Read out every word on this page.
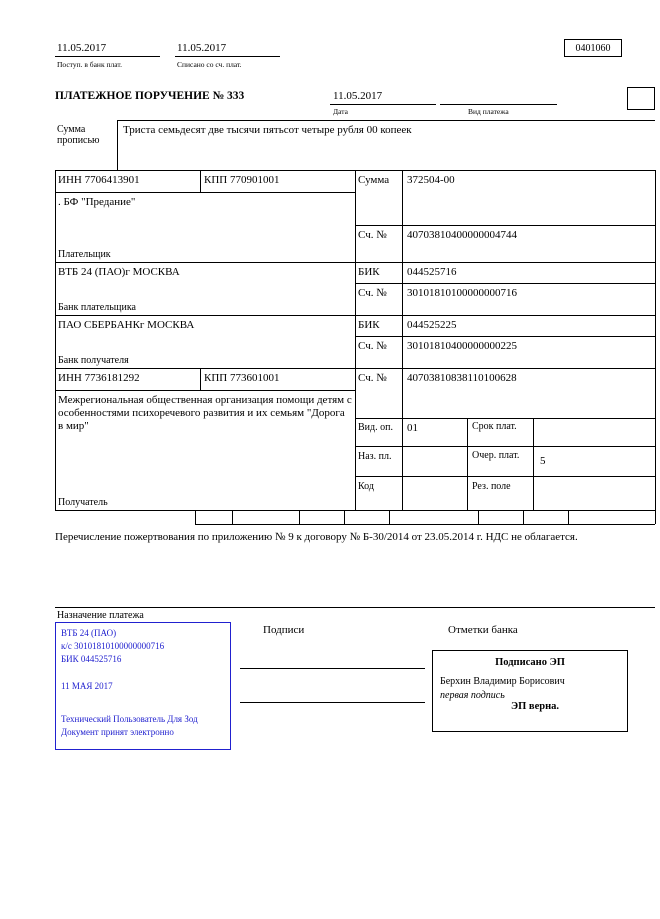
11.05.2017
Поступ. в банк плат.
11.05.2017
Списано со сч. плат.
0401060
ПЛАТЕЖНОЕ ПОРУЧЕНИЕ № 333	11.05.2017
Дата	Вид платежа
Сумма прописью
Триста семьдесят две тысячи пятьсот четыре рубля 00 копеек
ИНН 7706413901	КПП 770901001	Сумма 372504-00
. БФ "Предание"
Сч. № 40703810400000004744
Плательщик
ВТБ 24 (ПАО)г МОСКВА	БИК 044525716
Сч. № 30101810100000000716
Банк плательщика
ПАО СБЕРБАНКг МОСКВА	БИК 044525225
Сч. № 30101810400000000225
Банк получателя
ИНН 7736181292	КПП 773601001	Сч. № 40703810838110100628
Межрегиональная общественная организация помощи детям с особенностями психоречевого развития и их семьям "Дорога в мир"
Получатель
Вид. оп. 01	Срок плат.
Наз. пл.	Очер. плат.	5
Код	Рез. поле
Перечисление пожертвования по приложению № 9 к договору № Б-30/2014 от 23.05.2014 г. НДС не облагается.
Назначение платежа
Подписи	Отметки банка
ВТБ 24 (ПАО)
к/с 30101810100000000716
БИК 044525716
11 МАЯ 2017
Технический Пользователь Для Зод
Документ принят электронно
Подписано ЭП
Берхин Владимир Борисович
первая подпись
ЭП верна.
